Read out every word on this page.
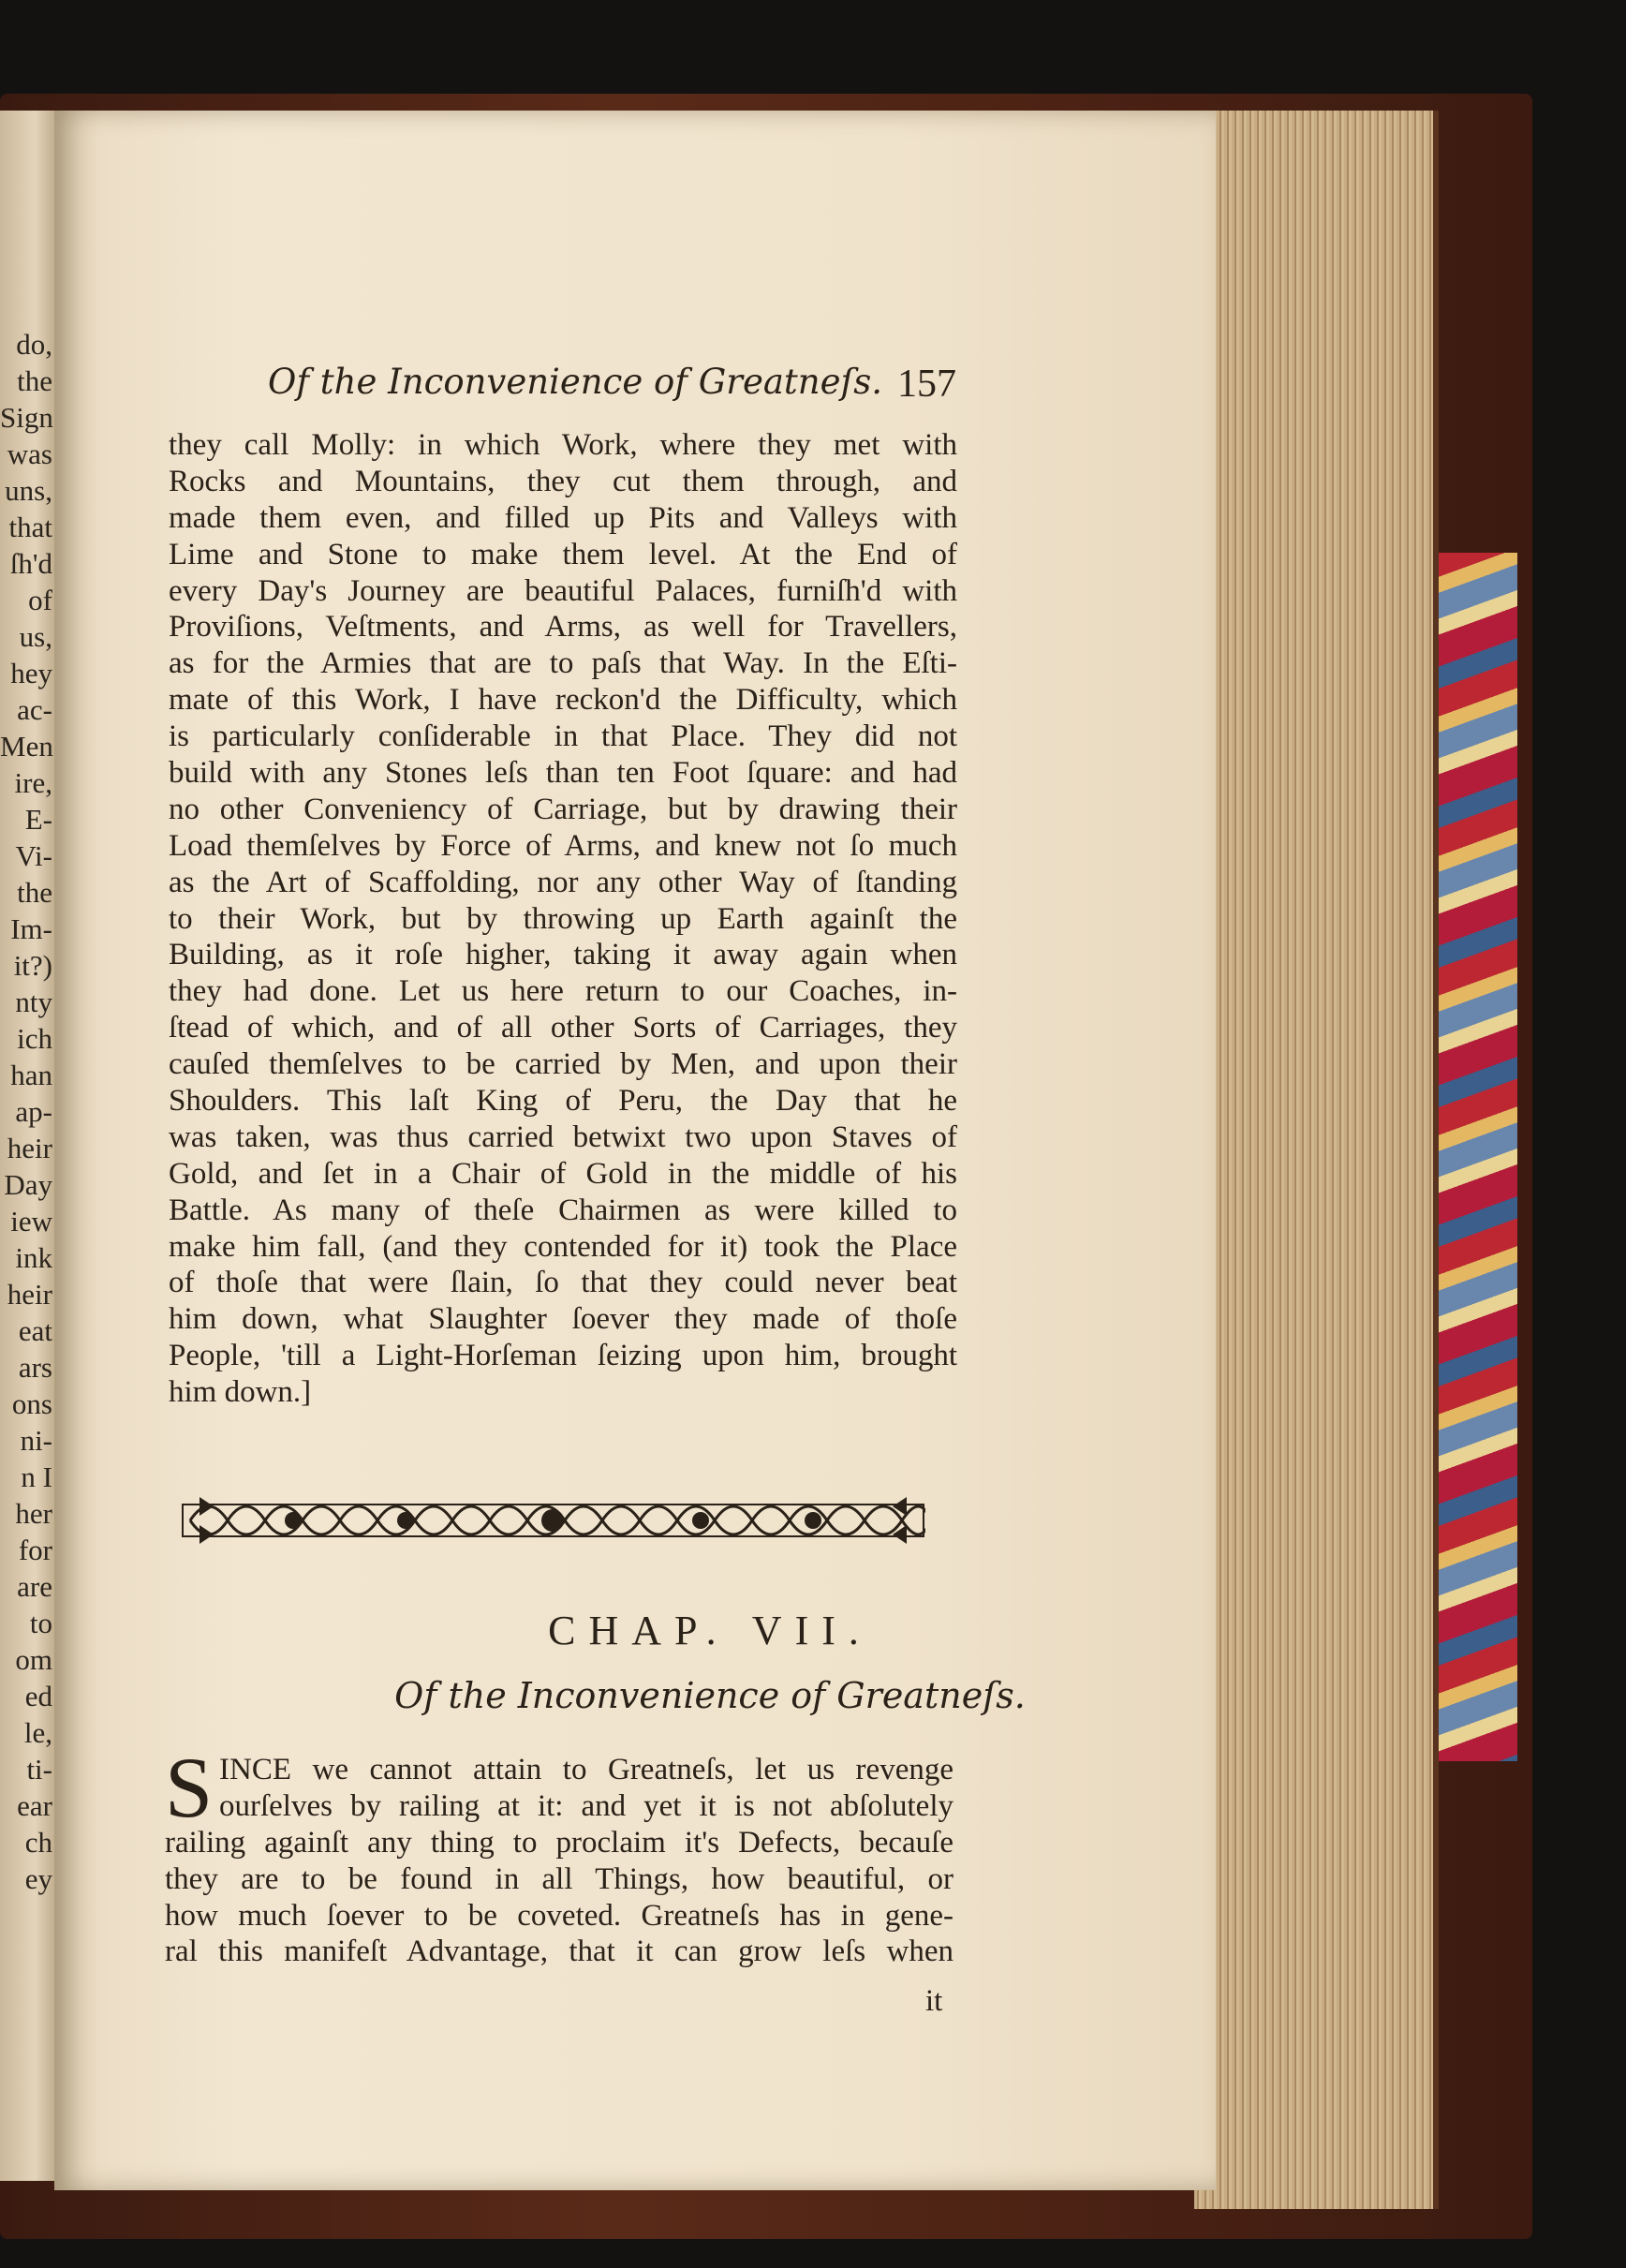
do,
the
Sign
was
uns,
that
ſh'd
of
us,
hey
ac-
Men
ire,
E-
Vi-
the
Im-
it?)
nty
ich
han
ap-
heir
Day
iew
ink
heir
eat
ars
ons
ni-
n I
her
for
are
to
om
ed
le,
ti-
ear
ch
ey
Of the Inconvenience of Greatneſs. 157
they call Molly: in which Work, where they met with
Rocks and Mountains, they cut them through, and
made them even, and filled up Pits and Valleys with
Lime and Stone to make them level. At the End of
every Day's Journey are beautiful Palaces, furniſh'd with
Proviſions, Veſtments, and Arms, as well for Travellers,
as for the Armies that are to paſs that Way. In the Eſti-
mate of this Work, I have reckon'd the Difficulty, which
is particularly conſiderable in that Place. They did not
build with any Stones leſs than ten Foot ſquare: and had
no other Conveniency of Carriage, but by drawing their
Load themſelves by Force of Arms, and knew not ſo much
as the Art of Scaffolding, nor any other Way of ſtanding
to their Work, but by throwing up Earth againſt the
Building, as it roſe higher, taking it away again when
they had done. Let us here return to our Coaches, in-
ſtead of which, and of all other Sorts of Carriages, they
cauſed themſelves to be carried by Men, and upon their
Shoulders. This laſt King of Peru, the Day that he
was taken, was thus carried betwixt two upon Staves of
Gold, and ſet in a Chair of Gold in the middle of his
Battle. As many of theſe Chairmen as were killed to
make him fall, (and they contended for it) took the Place
of thoſe that were ſlain, ſo that they could never beat
him down, what Slaughter ſoever they made of thoſe
People, 'till a Light-Horſeman ſeizing upon him, brought
him down.]
CHAP. VII.
Of the Inconvenience of Greatneſs.
S INCE we cannot attain to Greatneſs, let us revenge
ourſelves by railing at it: and yet it is not abſolutely
railing againſt any thing to proclaim it's Defects, becauſe
they are to be found in all Things, how beautiful, or
how much ſoever to be coveted. Greatneſs has in gene-
ral this manifeſt Advantage, that it can grow leſs when
it
